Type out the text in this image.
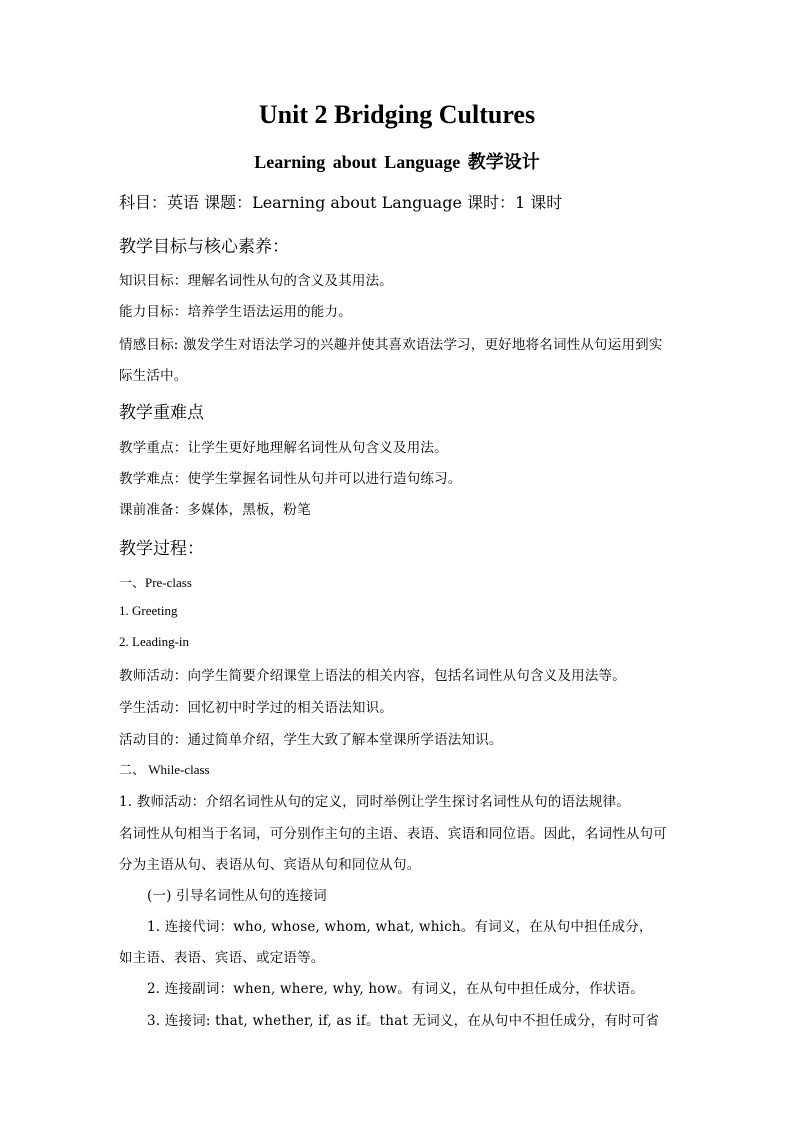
Unit 2 Bridging Cultures
Learning about Language 教学设计
科目：英语 课题：Learning about Language 课时：1 课时
教学目标与核心素养：
知识目标：理解名词性从句的含义及其用法。
能力目标：培养学生语法运用的能力。
情感目标: 激发学生对语法学习的兴趣并使其喜欢语法学习，更好地将名词性从句运用到实
际生活中。
教学重难点
教学重点：让学生更好地理解名词性从句含义及用法。
教学难点：使学生掌握名词性从句并可以进行造句练习。
课前准备：多媒体，黑板，粉笔
教学过程：
一、Pre-class
1. Greeting
2. Leading-in
教师活动：向学生简要介绍课堂上语法的相关内容，包括名词性从句含义及用法等。
学生活动：回忆初中时学过的相关语法知识。
活动目的：通过简单介绍，学生大致了解本堂课所学语法知识。
二、 While-class
1. 教师活动：介绍名词性从句的定义，同时举例让学生探讨名词性从句的语法规律。
名词性从句相当于名词，可分别作主句的主语、表语、宾语和同位语。因此，名词性从句可
分为主语从句、表语从句、宾语从句和同位从句。
(一) 引导名词性从句的连接词
1. 连接代词：who, whose, whom, what, which。有词义，在从句中担任成分，
如主语、表语、宾语、或定语等。
2. 连接副词：when, where, why, how。有词义，在从句中担任成分，作状语。
3. 连接词: that, whether, if, as if。that 无词义，在从句中不担任成分，有时可省
